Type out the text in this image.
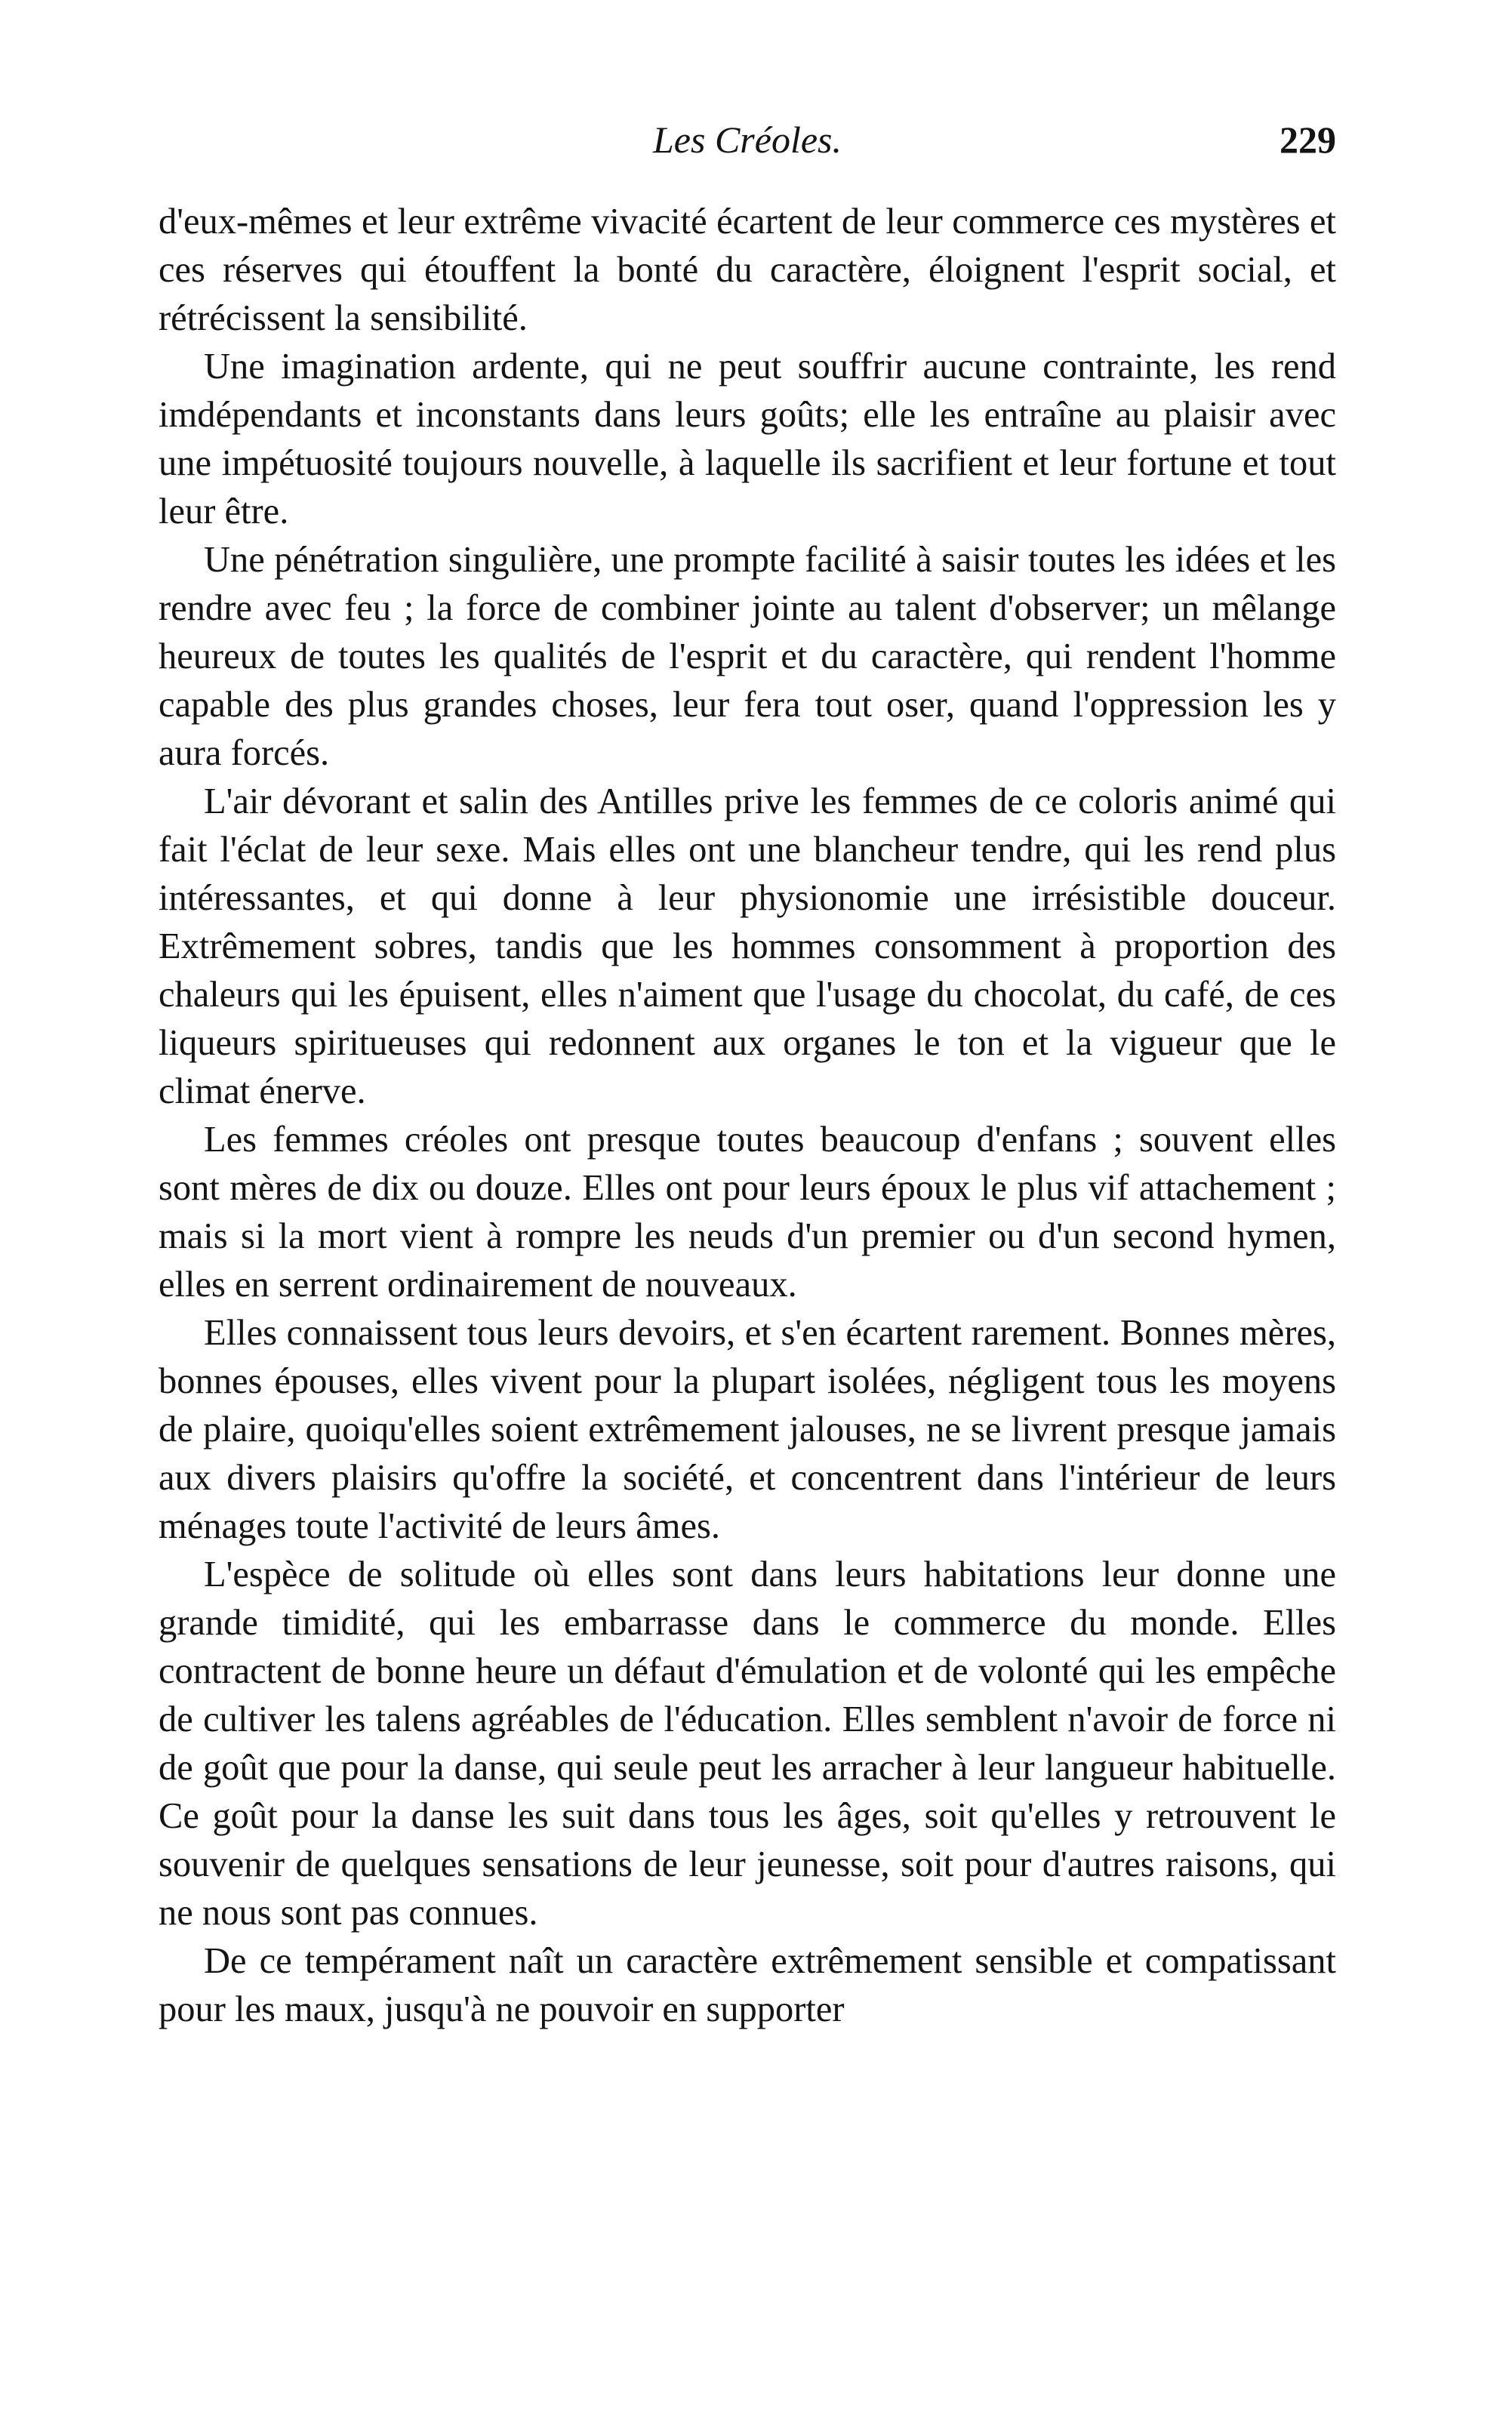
Les Créoles.	229

d'eux-mêmes et leur extrême vivacité écartent de leur commerce ces mystères et ces réserves qui étouffent la bonté du caractère, éloignent l'esprit social, et rétrécissent la sensibilité.

Une imagination ardente, qui ne peut souffrir aucune contrainte, les rend imdépendants et inconstants dans leurs goûts; elle les entraîne au plaisir avec une impétuosité toujours nouvelle, à laquelle ils sacrifient et leur fortune et tout leur être.

Une pénétration singulière, une prompte facilité à saisir toutes les idées et les rendre avec feu ; la force de combiner jointe au talent d'observer; un mêlange heureux de toutes les qualités de l'esprit et du caractère, qui rendent l'homme capable des plus grandes choses, leur fera tout oser, quand l'oppression les y aura forcés.

L'air dévorant et salin des Antilles prive les femmes de ce coloris animé qui fait l'éclat de leur sexe. Mais elles ont une blancheur tendre, qui les rend plus intéressantes, et qui donne à leur physionomie une irrésistible douceur. Extrêmement sobres, tandis que les hommes consomment à proportion des chaleurs qui les épuisent, elles n'aiment que l'usage du chocolat, du café, de ces liqueurs spiritueuses qui redonnent aux organes le ton et la vigueur que le climat énerve.

Les femmes créoles ont presque toutes beaucoup d'enfans ; souvent elles sont mères de dix ou douze. Elles ont pour leurs époux le plus vif attachement ; mais si la mort vient à rompre les neuds d'un premier ou d'un second hymen, elles en serrent ordinairement de nouveaux.

Elles connaissent tous leurs devoirs, et s'en écartent rarement. Bonnes mères, bonnes épouses, elles vivent pour la plupart isolées, négligent tous les moyens de plaire, quoiqu'elles soient extrêmement jalouses, ne se livrent presque jamais aux divers plaisirs qu'offre la société, et concentrent dans l'intérieur de leurs ménages toute l'activité de leurs âmes.

L'espèce de solitude où elles sont dans leurs habitations leur donne une grande timidité, qui les embarrasse dans le commerce du monde. Elles contractent de bonne heure un défaut d'émulation et de volonté qui les empêche de cultiver les talens agréables de l'éducation. Elles semblent n'avoir de force ni de goût que pour la danse, qui seule peut les arracher à leur langueur habituelle. Ce goût pour la danse les suit dans tous les âges, soit qu'elles y retrouvent le souvenir de quelques sensations de leur jeunesse, soit pour d'autres raisons, qui ne nous sont pas connues.

De ce tempérament naît un caractère extrêmement sensible et compatissant pour les maux, jusqu'à ne pouvoir en supporter
